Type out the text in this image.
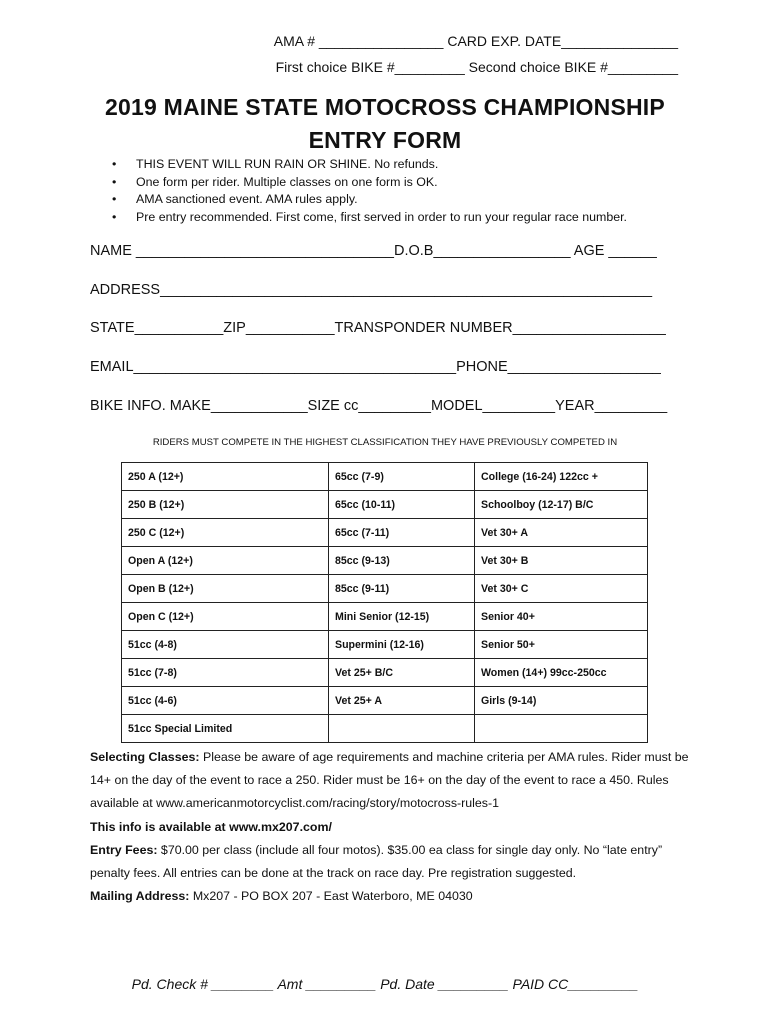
AMA # ________________ CARD EXP. DATE_______________
First choice BIKE #_________ Second choice BIKE #_________
2019 MAINE STATE MOTOCROSS CHAMPIONSHIP
ENTRY FORM
• THIS EVENT WILL RUN RAIN OR SHINE. No refunds.
• One form per rider. Multiple classes on one form is OK.
• AMA sanctioned event. AMA rules apply.
• Pre entry recommended. First come, first served in order to run your regular race number.
NAME ________________________________D.O.B_________________ AGE ______
ADDRESS_____________________________________________________________
STATE___________ZIP___________TRANSPONDER NUMBER___________________
EMAIL________________________________________PHONE___________________
BIKE INFO. MAKE____________SIZE cc_________MODEL_________YEAR_________
RIDERS MUST COMPETE IN THE HIGHEST CLASSIFICATION THEY HAVE PREVIOUSLY COMPETED IN
250 A (12+)	65cc (7-9)	College (16-24) 122cc +
250 B (12+)	65cc (10-11)	Schoolboy (12-17) B/C
250 C (12+)	65cc (7-11)	Vet 30+ A
Open A (12+)	85cc (9-13)	Vet 30+ B
Open B (12+)	85cc (9-11)	Vet 30+ C
Open C (12+)	Mini Senior (12-15)	Senior 40+
51cc (4-8)	Supermini (12-16)	Senior 50+
51cc (7-8)	Vet 25+ B/C	Women (14+) 99cc-250cc
51cc (4-6)	Vet 25+ A	Girls (9-14)
51cc Special Limited		
Selecting Classes: Please be aware of age requirements and machine criteria per AMA rules. Rider must be 14+ on the day of the event to race a 250. Rider must be 16+ on the day of the event to race a 450. Rules available at www.americanmotorcyclist.com/racing/story/motocross-rules-1
This info is available at www.mx207.com/
Entry Fees: $70.00 per class (include all four motos). $35.00 ea class for single day only. No “late entry” penalty fees. All entries can be done at the track on race day. Pre registration suggested.
Mailing Address: Mx207 - PO BOX 207 - East Waterboro, ME 04030
Pd. Check # ________ Amt _________ Pd. Date _________ PAID CC_________
